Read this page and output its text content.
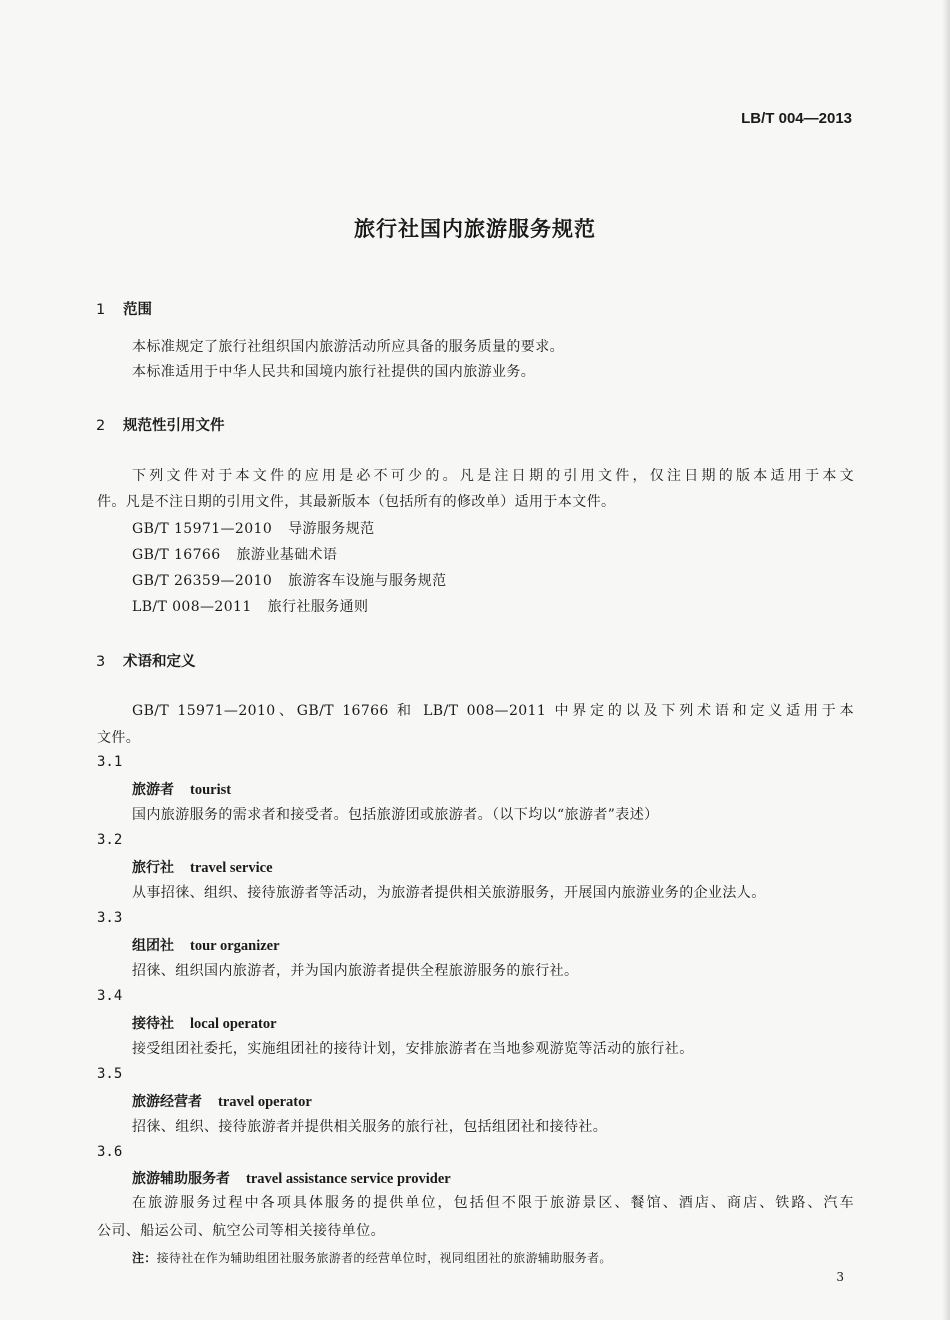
LB/T 004—2013
旅行社国内旅游服务规范
1 范围
本标准规定了旅行社组织国内旅游活动所应具备的服务质量的要求。
本标准适用于中华人民共和国境内旅行社提供的国内旅游业务。
2 规范性引用文件
下列文件对于本文件的应用是必不可少的。凡是注日期的引用文件，仅注日期的版本适用于本文
件。凡是不注日期的引用文件，其最新版本（包括所有的修改单）适用于本文件。
GB/T 15971—2010 导游服务规范
GB/T 16766 旅游业基础术语
GB/T 26359—2010 旅游客车设施与服务规范
LB/T 008—2011 旅行社服务通则
3 术语和定义
GB/T 15971—2010、GB/T 16766 和 LB/T 008—2011 中界定的以及下列术语和定义适用于本
文件。
3.1
旅游者 tourist
国内旅游服务的需求者和接受者。包括旅游团或旅游者。（以下均以“旅游者”表述）
3.2
旅行社 travel service
从事招徕、组织、接待旅游者等活动，为旅游者提供相关旅游服务，开展国内旅游业务的企业法人。
3.3
组团社 tour organizer
招徕、组织国内旅游者，并为国内旅游者提供全程旅游服务的旅行社。
3.4
接待社 local operator
接受组团社委托，实施组团社的接待计划，安排旅游者在当地参观游览等活动的旅行社。
3.5
旅游经营者 travel operator
招徕、组织、接待旅游者并提供相关服务的旅行社，包括组团社和接待社。
3.6
旅游辅助服务者 travel assistance service provider
在旅游服务过程中各项具体服务的提供单位，包括但不限于旅游景区、餐馆、酒店、商店、铁路、汽车
公司、船运公司、航空公司等相关接待单位。
注：接待社在作为辅助组团社服务旅游者的经营单位时，视同组团社的旅游辅助服务者。
3
